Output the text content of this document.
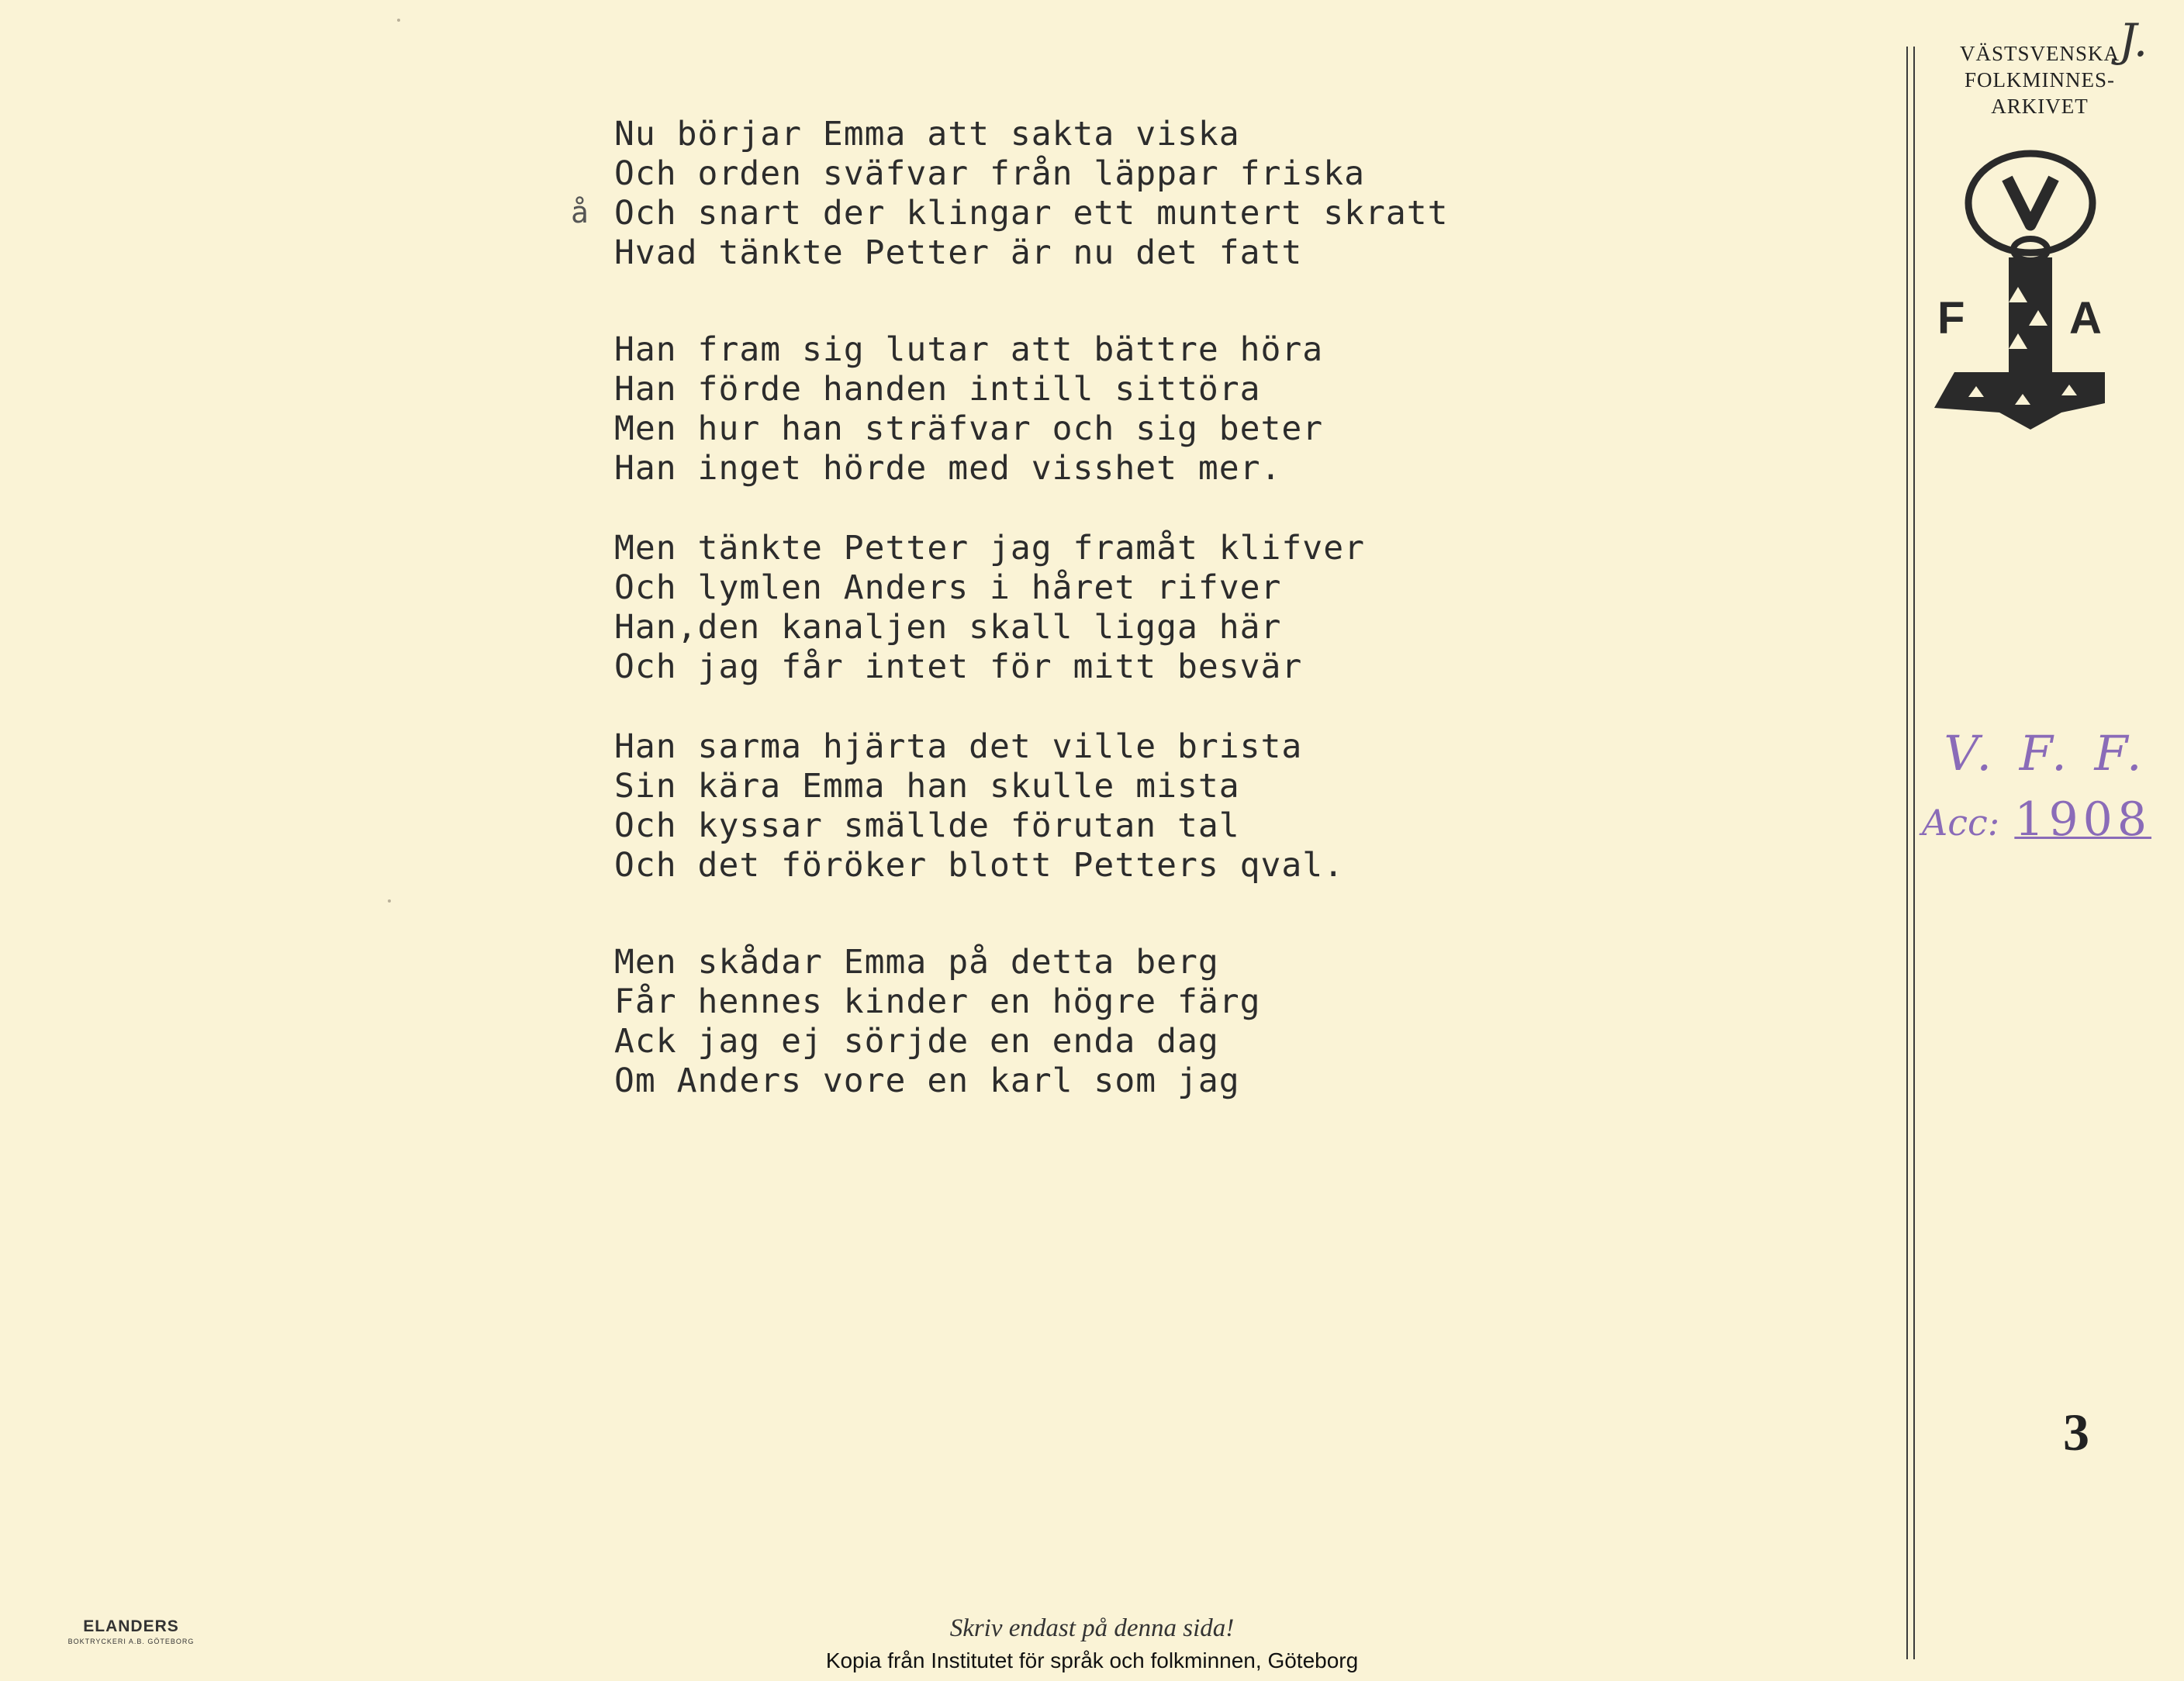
Nu börjar Emma att sakta viska
Och orden sväfvar från läppar friska
Och snart der klingar ett muntert skratt
Hvad tänkte Petter är nu det fatt
Han fram sig lutar att bättre höra
Han förde handen intill sittöra
Men hur han sträfvar och sig beter
Han inget hörde med visshet mer.
Men tänkte Petter jag framåt klifver
Och lymlen Anders i håret rifver
Han,den kanaljen skall ligga här
Och jag får intet för mitt besvär
Han sarma hjärta det ville brista
Sin kära Emma han skulle mista
Och kyssar smällde förutan tal
Och det föröker blott Petters qval.
Men skådar Emma på detta berg
Får hennes kinder en högre färg
Ack jag ej sörjde en enda dag
Om Anders vore en karl som jag
å
VÄSTSVENSKA
FOLKMINNES-
ARKIVET
J.
F A
V. F. F.
Acc: 1908
3
ELANDERS
BOKTRYCKERI A.B. GÖTEBORG	Skriv endast på denna sida!
Kopia från Institutet för språk och folkminnen, Göteborg
